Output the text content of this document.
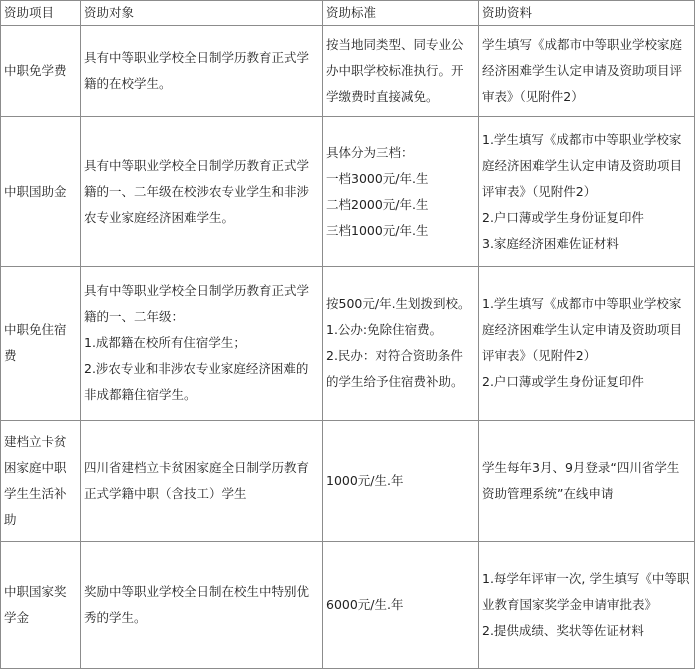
资助项目	资助对象	资助标准	资助资料

中职免学费	具有中等职业学校全日制学历教育正式学籍的在校学生。	按当地同类型、同专业公办中职学校标准执行。开学缴费时直接减免。	学生填写《成都市中等职业学校家庭经济困难学生认定申请及资助项目评审表》（见附件2）

中职国助金	具有中等职业学校全日制学历教育正式学籍的一、二年级在校涉农专业学生和非涉农专业家庭经济困难学生。	具体分为三档：
一档3000元/年.生
二档2000元/年.生
三档1000元/年.生	1.学生填写《成都市中等职业学校家庭经济困难学生认定申请及资助项目评审表》（见附件2）
2.户口薄或学生身份证复印件
3.家庭经济困难佐证材料

中职免住宿费	具有中等职业学校全日制学历教育正式学籍的一、二年级：
1.成都籍在校所有住宿学生；
2.涉农专业和非涉农专业家庭经济困难的非成都籍住宿学生。	按500元/年.生划拨到校。　1.公办:免除住宿费。
2.民办：对符合资助条件的学生给予住宿费补助。	1.学生填写《成都市中等职业学校家庭经济困难学生认定申请及资助项目评审表》（见附件2）
2.户口薄或学生身份证复印件

建档立卡贫困家庭中职学生生活补助	四川省建档立卡贫困家庭全日制学历教育正式学籍中职（含技工）学生	1000元/生.年	学生每年3月、9月登录“四川省学生资助管理系统”在线申请

中职国家奖学金	奖励中等职业学校全日制在校生中特别优秀的学生。	6000元/生.年	1.每学年评审一次, 学生填写《中等职业教育国家奖学金申请审批表》
2.提供成绩、奖状等佐证材料
